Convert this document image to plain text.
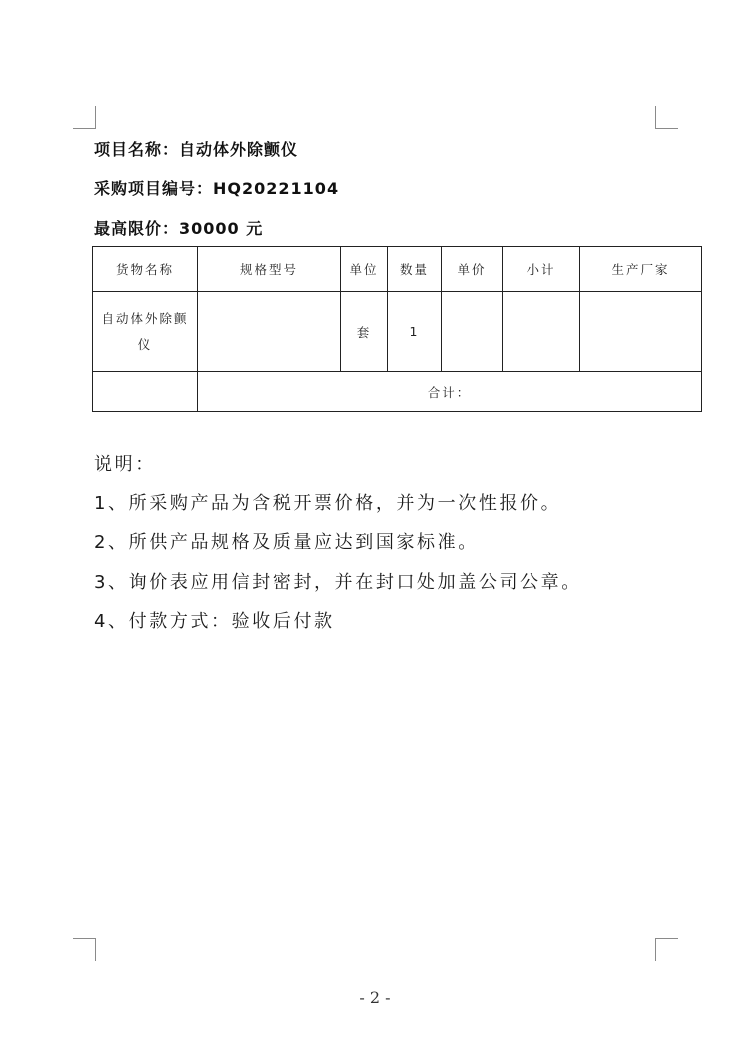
项目名称：自动体外除颤仪
采购项目编号：HQ20221104
最高限价：30000 元
货物名称	规格型号	单位	数量	单价	小计	生产厂家
自动体外除颤仪		套	1			
	合计：					
说明：
1、所采购产品为含税开票价格，并为一次性报价。
2、所供产品规格及质量应达到国家标准。
3、询价表应用信封密封，并在封口处加盖公司公章。
4、付款方式：验收后付款
- 2 -
